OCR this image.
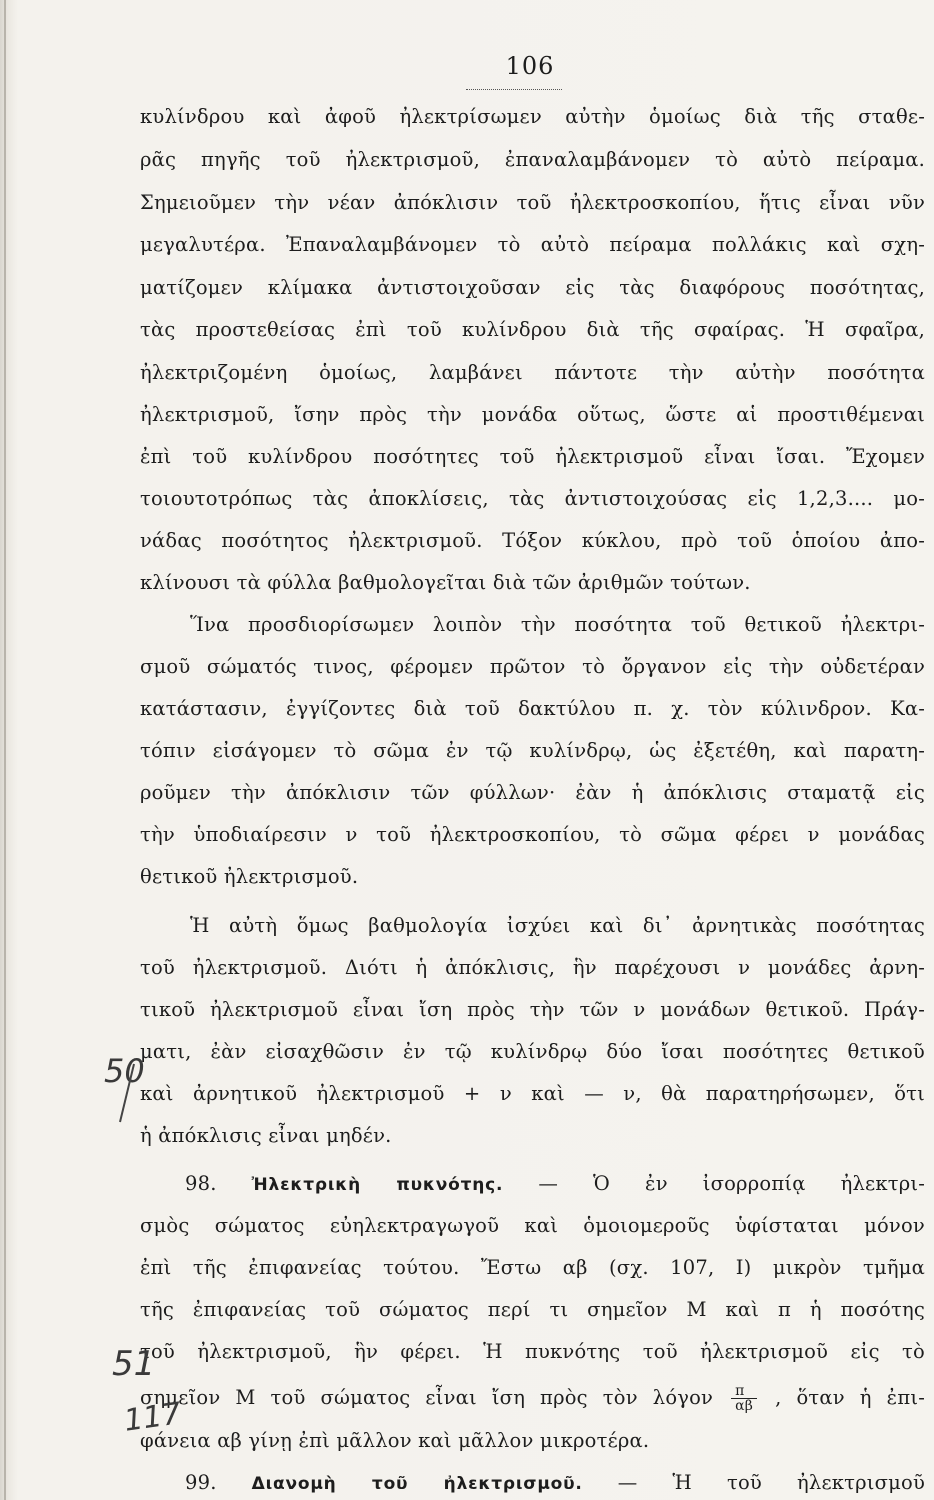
106
κυλίνδρου καὶ ἀφοῦ ἠλεκτρίσωμεν αὐτὴν ὁμοίως διὰ τῆς σταθε-
ρᾶς πηγῆς τοῦ ἠλεκτρισμοῦ, ἐπαναλαμβάνομεν τὸ αὐτὸ πείραμα.
Σημειοῦμεν τὴν νέαν ἀπόκλισιν τοῦ ἠλεκτροσκοπίου, ἥτις εἶναι νῦν
μεγαλυτέρα. Ἐπαναλαμβάνομεν τὸ αὐτὸ πείραμα πολλάκις καὶ σχη-
ματίζομεν κλίμακα ἀντιστοιχοῦσαν εἰς τὰς διαφόρους ποσότητας,
τὰς προστεθείσας ἐπὶ τοῦ κυλίνδρου διὰ τῆς σφαίρας. Ἡ σφαῖρα,
ἠλεκτριζομένη ὁμοίως, λαμβάνει πάντοτε τὴν αὐτὴν ποσότητα
ἠλεκτρισμοῦ, ἴσην πρὸς τὴν μονάδα οὕτως, ὥστε αἱ προστιθέμεναι
ἐπὶ τοῦ κυλίνδρου ποσότητες τοῦ ἠλεκτρισμοῦ εἶναι ἴσαι. Ἔχομεν
τοιουτοτρόπως τὰς ἀποκλίσεις, τὰς ἀντιστοιχούσας εἰς 1,2,3.... μο-
νάδας ποσότητος ἠλεκτρισμοῦ. Τόξον κύκλου, πρὸ τοῦ ὁποίου ἀπο-
κλίνουσι τὰ φύλλα βαθμολογεῖται διὰ τῶν ἀριθμῶν τούτων.
Ἵνα προσδιορίσωμεν λοιπὸν τὴν ποσότητα τοῦ θετικοῦ ἠλεκτρι-
σμοῦ σώματός τινος, φέρομεν πρῶτον τὸ ὄργανον εἰς τὴν οὐδετέραν
κατάστασιν, ἐγγίζοντες διὰ τοῦ δακτύλου π. χ. τὸν κύλινδρον. Κα-
τόπιν εἰσάγομεν τὸ σῶμα ἐν τῷ κυλίνδρῳ, ὡς ἐξετέθη, καὶ παρατη-
ροῦμεν τὴν ἀπόκλισιν τῶν φύλλων· ἐὰν ἡ ἀπόκλισις σταματᾷ εἰς
τὴν ὑποδιαίρεσιν ν τοῦ ἠλεκτροσκοπίου, τὸ σῶμα φέρει ν μονάδας
θετικοῦ ἠλεκτρισμοῦ.
Ἡ αὐτὴ ὅμως βαθμολογία ἰσχύει καὶ δι᾽ ἀρνητικὰς ποσότητας
τοῦ ἠλεκτρισμοῦ. Διότι ἡ ἀπόκλισις, ἣν παρέχουσι ν μονάδες ἀρνη-
τικοῦ ἠλεκτρισμοῦ εἶναι ἴση πρὸς τὴν τῶν ν μονάδων θετικοῦ. Πράγ-
ματι, ἐὰν εἰσαχθῶσιν ἐν τῷ κυλίνδρῳ δύο ἴσαι ποσότητες θετικοῦ
καὶ ἀρνητικοῦ ἠλεκτρισμοῦ + ν καὶ — ν, θὰ παρατηρήσωμεν, ὅτι
ἡ ἀπόκλισις εἶναι μηδέν.
98. Ἠλεκτρικὴ πυκνότης. — Ὁ ἐν ἰσορροπίᾳ ἠλεκτρι-
σμὸς σώματος εὐηλεκτραγωγοῦ καὶ ὁμοιομεροῦς ὑφίσταται μόνον
ἐπὶ τῆς ἐπιφανείας τούτου. Ἔστω αβ (σχ. 107, Ι) μικρὸν τμῆμα
τῆς ἐπιφανείας τοῦ σώματος περί τι σημεῖον Μ καὶ π ἡ ποσότης
τοῦ ἠλεκτρισμοῦ, ἣν φέρει. Ἡ πυκνότης τοῦ ἠλεκτρισμοῦ εἰς τὸ
σημεῖον Μ τοῦ σώματος εἶναι ἴση πρὸς τὸν λόγον $\frac{\pi}{\alpha\beta}$ , ὅταν ἡ ἐπι-
φάνεια αβ γίνῃ ἐπὶ μᾶλλον καὶ μᾶλλον μικροτέρα.
99. Διανομὴ τοῦ ἠλεκτρισμοῦ. — Ἡ τοῦ ἠλεκτρισμοῦ
50
51
117
